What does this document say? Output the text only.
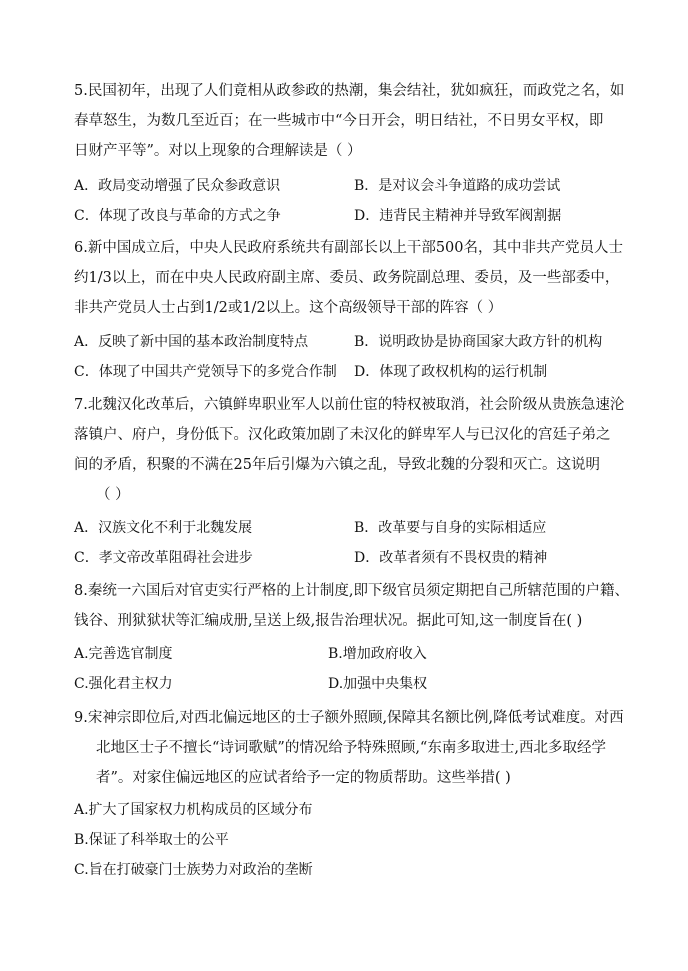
5.民国初年，出现了人们竟相从政参政的热潮，集会结社，犹如疯狂，而政党之名，如
春草怒生，为数几至近百；在一些城市中“今日开会，明日结社，不日男女平权，即
日财产平等”。对以上现象的合理解读是（ ）
A．政局变动增强了民众参政意识	B．是对议会斗争道路的成功尝试
C．体现了改良与革命的方式之争	D．违背民主精神并导致军阀割据
6.新中国成立后，中央人民政府系统共有副部长以上干部500名，其中非共产党员人士
约1/3以上，而在中央人民政府副主席、委员、政务院副总理、委员，及一些部委中，
非共产党员人士占到1/2或1/2以上。这个高级领导干部的阵容（ ）
A．反映了新中国的基本政治制度特点	B．说明政协是协商国家大政方针的机构
C．体现了中国共产党领导下的多党合作制	D．体现了政权机构的运行机制
7.北魏汉化改革后，六镇鲜卑职业军人以前仕宦的特权被取消，社会阶级从贵族急速沦
落镇户、府户，身份低下。汉化政策加剧了未汉化的鲜卑军人与已汉化的宫廷子弟之
间的矛盾，积聚的不满在25年后引爆为六镇之乱，导致北魏的分裂和灭亡。这说明
（ ）
A．汉族文化不利于北魏发展	B．改革要与自身的实际相适应
C．孝文帝改革阻碍社会进步	D．改革者须有不畏权贵的精神
8.秦统一六国后对官吏实行严格的上计制度,即下级官员须定期把自己所辖范围的户籍、
钱谷、刑狱狱状等汇编成册,呈送上级,报告治理状况。据此可知,这一制度旨在( )
A.完善选官制度	B.增加政府收入
C.强化君主权力	D.加强中央集权
9.宋神宗即位后,对西北偏远地区的士子额外照顾,保障其名额比例,降低考试难度。对西
北地区士子不擅长“诗词歌赋”的情况给予特殊照顾,“东南多取进士,西北多取经学
者”。对家住偏远地区的应试者给予一定的物质帮助。这些举措( )
A.扩大了国家权力机构成员的区域分布
B.保证了科举取士的公平
C.旨在打破豪门士族势力对政治的垄断
